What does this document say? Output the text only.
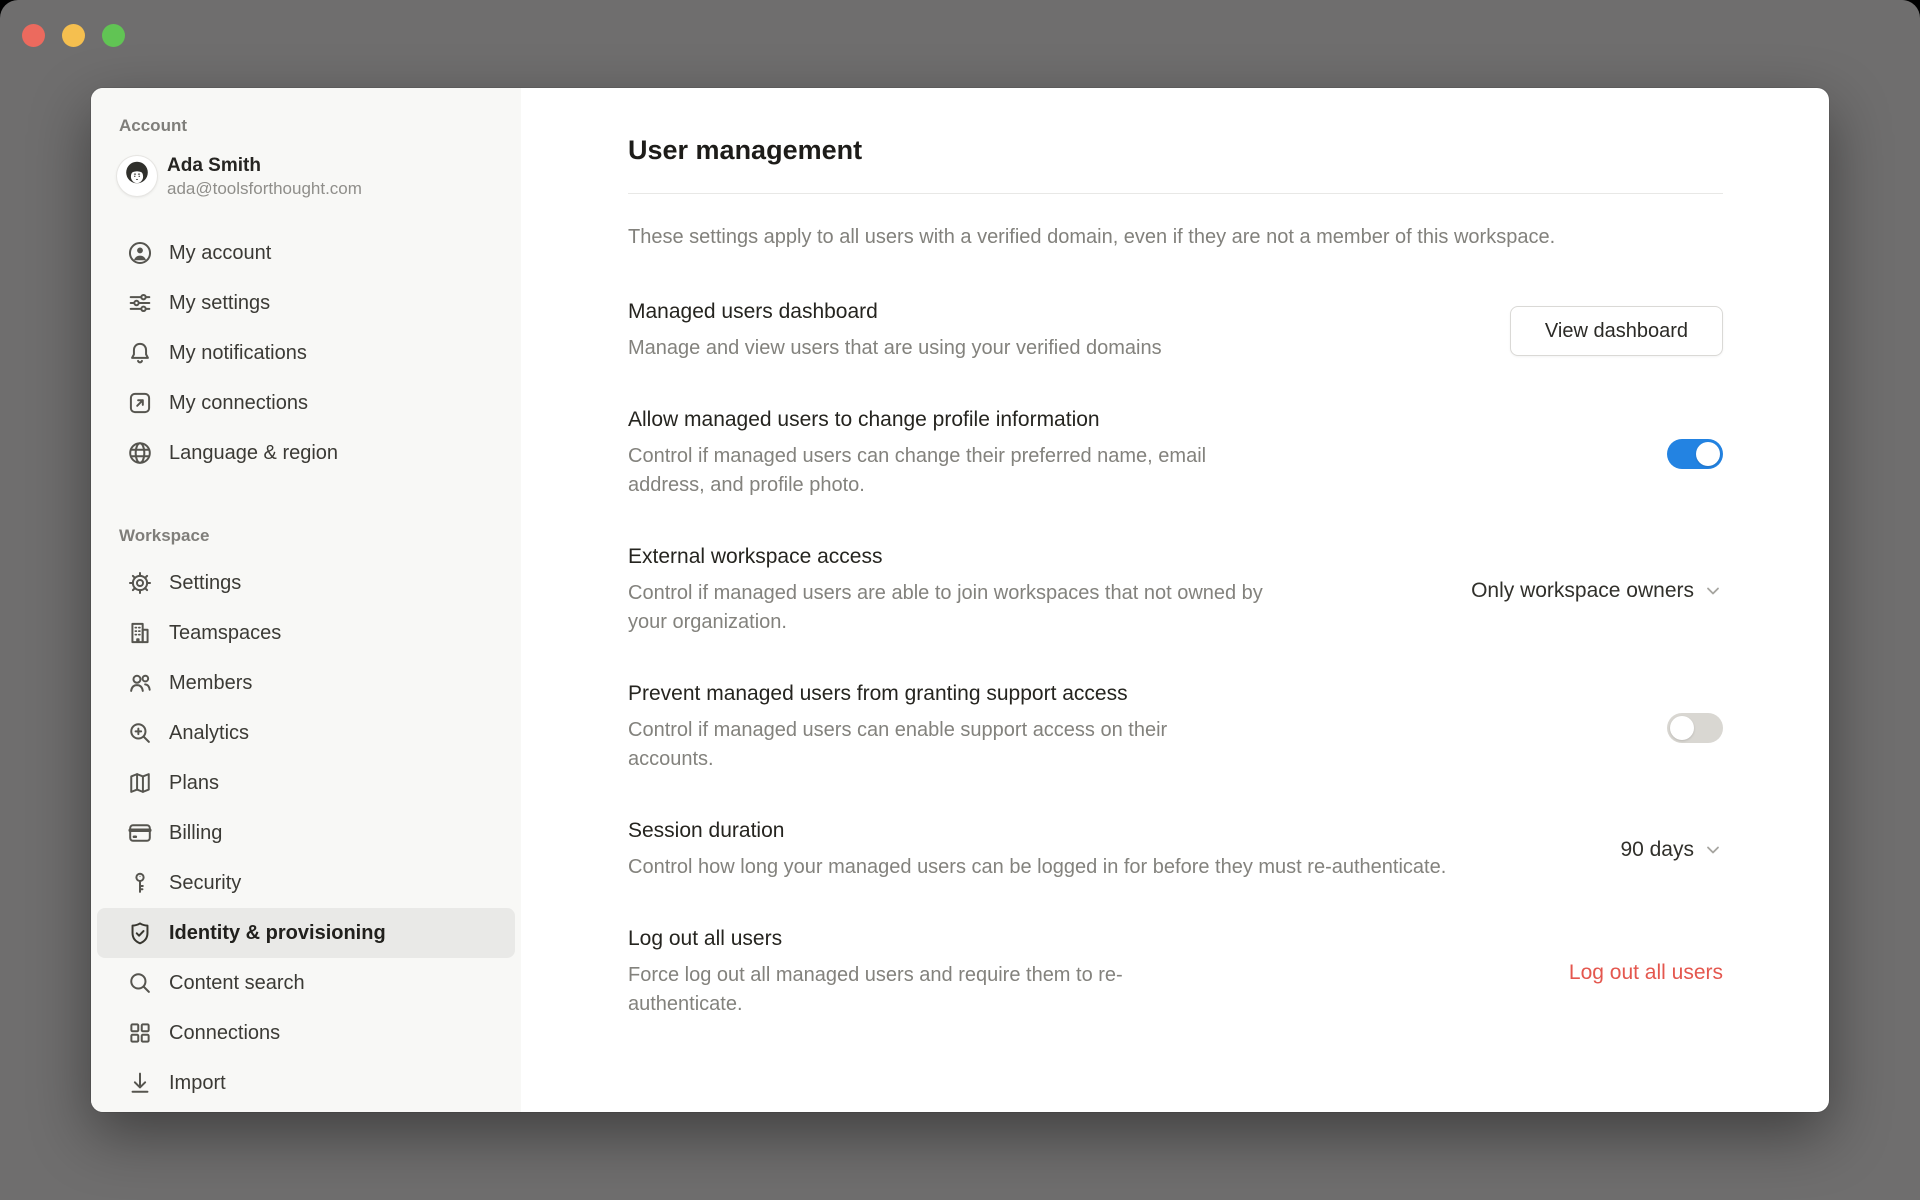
Account
Ada Smith
ada@toolsforthought.com
My account
My settings
My notifications
My connections
Language & region
Workspace
Settings
Teamspaces
Members
Analytics
Plans
Billing
Security
Identity & provisioning
Content search
Connections
Import
User management
These settings apply to all users with a verified domain, even if they are not a member of this workspace.
Managed users dashboard
Manage and view users that are using your verified domains
View dashboard
Allow managed users to change profile information
Control if managed users can change their preferred name, email address, and profile photo.
External workspace access
Control if managed users are able to join workspaces that not owned by your organization.
Only workspace owners
Prevent managed users from granting support access
Control if managed users can enable support access on their accounts.
Session duration
Control how long your managed users can be logged in for before they must re-authenticate.
90 days
Log out all users
Force log out all managed users and require them to re-authenticate.
Log out all users
